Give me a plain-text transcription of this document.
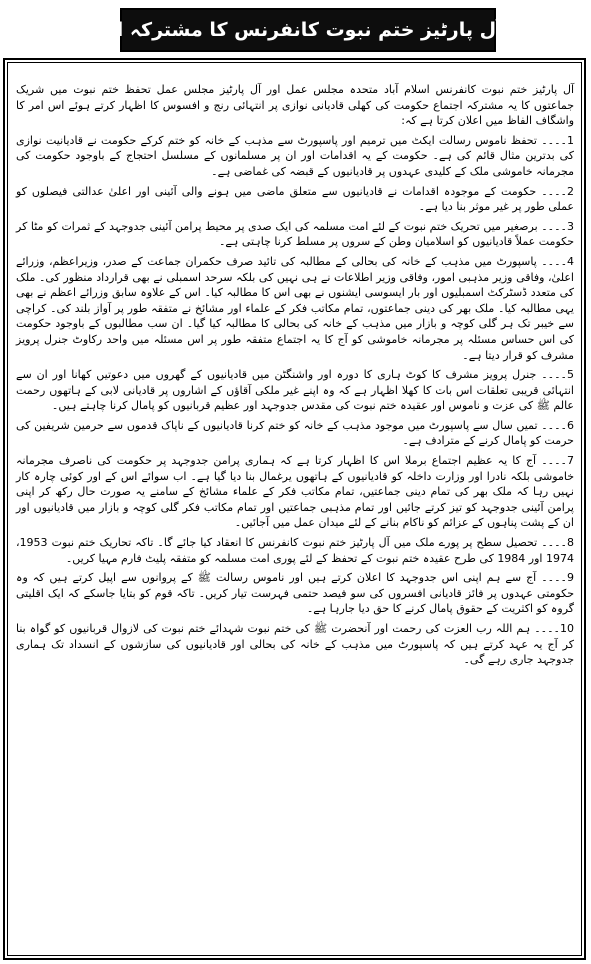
9مارچ آل پارٹیز ختم نبوت کانفرنس کا مشترکہ اعلامیہ!

آل پارٹیز ختم نبوت کانفرنس اسلام آباد متحدہ مجلس عمل اور آل پارٹیز مجلس عمل تحفظ ختم نبوت میں شریک جماعتوں کا یہ مشترکہ اجتماع حکومت کی کھلی قادیانی نوازی پر انتہائی رنج و افسوس کا اظہار کرتے ہوئے اس امر کا واشگاف الفاظ میں اعلان کرتا ہے کہ:

1۔۔۔۔ تحفظ ناموس رسالت ایکٹ میں ترمیم اور پاسپورٹ سے مذہب کے خانہ کو ختم کرکے حکومت نے قادیانیت نوازی کی بدترین مثال قائم کی ہے۔ حکومت کے یہ اقدامات اور ان پر مسلمانوں کے مسلسل احتجاج کے باوجود حکومت کی مجرمانہ خاموشی ملک کے کلیدی عہدوں پر قادیانیوں کے قبضہ کی غماضی ہے۔

2۔۔۔۔ حکومت کے موجودہ اقدامات نے قادیانیوں سے متعلق ماضی میں ہونے والی آئینی اور اعلیٰ عدالتی فیصلوں کو عملی طور پر غیر موثر بنا دیا ہے۔

3۔۔۔۔ برصغیر میں تحریک ختم نبوت کے لئے امت مسلمہ کی ایک صدی پر محیط پرامن آئینی جدوجہد کے ثمرات کو مٹا کر حکومت عملاً قادیانیوں کو اسلامیان وطن کے سروں پر مسلط کرنا چاہتی ہے۔

4۔۔۔۔ پاسپورٹ میں مذہب کے خانہ کی بحالی کے مطالبہ کی تائید صرف حکمران جماعت کے صدر، وزیراعظم، وزرائے اعلیٰ، وفاقی وزیر مذہبی امور، وفاقی وزیر اطلاعات نے ہی نہیں کی بلکہ سرحد اسمبلی نے بھی قرارداد منظور کی۔ ملک کی متعدد ڈسٹرکٹ اسمبلیوں اور بار ایسوسی ایشنوں نے بھی اس کا مطالبہ کیا۔ اس کے علاوہ سابق وزرائے اعظم نے بھی یہی مطالبہ کیا۔ ملک بھر کی دینی جماعتوں، تمام مکاتب فکر کے علماء اور مشائخ نے متفقہ طور پر آواز بلند کی۔ کراچی سے خیبر تک ہر گلی کوچہ و بازار میں مذہب کے خانہ کی بحالی کا مطالبہ کیا گیا۔ ان سب مطالبوں کے باوجود حکومت کی اس حساس مسئلہ پر مجرمانہ خاموشی کو آج کا یہ اجتماع متفقہ طور پر اس مسئلہ میں واحد رکاوٹ جنرل پرویز مشرف کو قرار دیتا ہے۔

5۔۔۔۔ جنرل پرویز مشرف کا کوٹ ہاری کا دورہ اور واشنگٹن میں قادیانیوں کے گھروں میں دعوتیں کھانا اور ان سے انتہائی قریبی تعلقات اس بات کا کھلا اظہار ہے کہ وہ اپنے غیر ملکی آقاؤں کے اشاروں پر قادیانی لابی کے ہاتھوں رحمت عالم ﷺ کی عزت و ناموس اور عقیدہ ختم نبوت کی مقدس جدوجہد اور عظیم قربانیوں کو پامال کرنا چاہتے ہیں۔

6۔۔۔۔ تمیں سال سے پاسپورٹ میں موجود مذہب کے خانہ کو ختم کرنا قادیانیوں کے ناپاک قدموں سے حرمین شریفین کی حرمت کو پامال کرنے کے مترادف ہے۔

7۔۔۔۔ آج کا یہ عظیم اجتماع برملا اس کا اظہار کرتا ہے کہ ہماری پرامن جدوجہد پر حکومت کی ناصرف مجرمانہ خاموشی بلکہ نادرا اور وزارت داخلہ کو قادیانیوں کے ہاتھوں یرغمال بنا دیا گیا ہے۔ اب سوائے اس کے اور کوئی چارہ کار نہیں رہا کہ ملک بھر کی تمام دینی جماعتیں، تمام مکاتب فکر کے علماء مشائخ کے سامنے یہ صورت حال رکھ کر اپنی پرامن آئینی جدوجہد کو تیز کرتے جائیں اور تمام مذہبی جماعتیں اور تمام مکاتب فکر گلی کوچہ و بازار میں قادیانیوں اور ان کے پشت پناہوں کے عزائم کو ناکام بنانے کے لئے میدان عمل میں آجائیں۔

8۔۔۔۔ تحصیل سطح پر پورے ملک میں آل پارٹیز ختم نبوت کانفرنس کا انعقاد کیا جائے گا۔ تاکہ تحاریک ختم نبوت 1953، 1974 اور 1984 کی طرح عقیدہ ختم نبوت کے تحفظ کے لئے پوری امت مسلمہ کو متفقہ پلیٹ فارم مہیا کریں۔

9۔۔۔۔ آج سے ہم اپنی اس جدوجہد کا اعلان کرتے ہیں اور ناموس رسالت ﷺ کے پروانوں سے اپیل کرتے ہیں کہ وہ حکومتی عہدوں پر فائز قادیانی افسروں کی سو فیصد حتمی فہرست تیار کریں۔ تاکہ قوم کو بتایا جاسکے کہ ایک اقلیتی گروہ کو اکثریت کے حقوق پامال کرنے کا حق دیا جارہا ہے۔

10۔۔۔۔ ہم اللہ رب العزت کی رحمت اور آنحضرت ﷺ کی ختم نبوت شہدائے ختم نبوت کی لازوال قربانیوں کو گواہ بنا کر آج یہ عہد کرتے ہیں کہ پاسپورٹ میں مذہب کے خانہ کی بحالی اور قادیانیوں کی سازشوں کے انسداد تک ہماری جدوجہد جاری رہے گی۔
